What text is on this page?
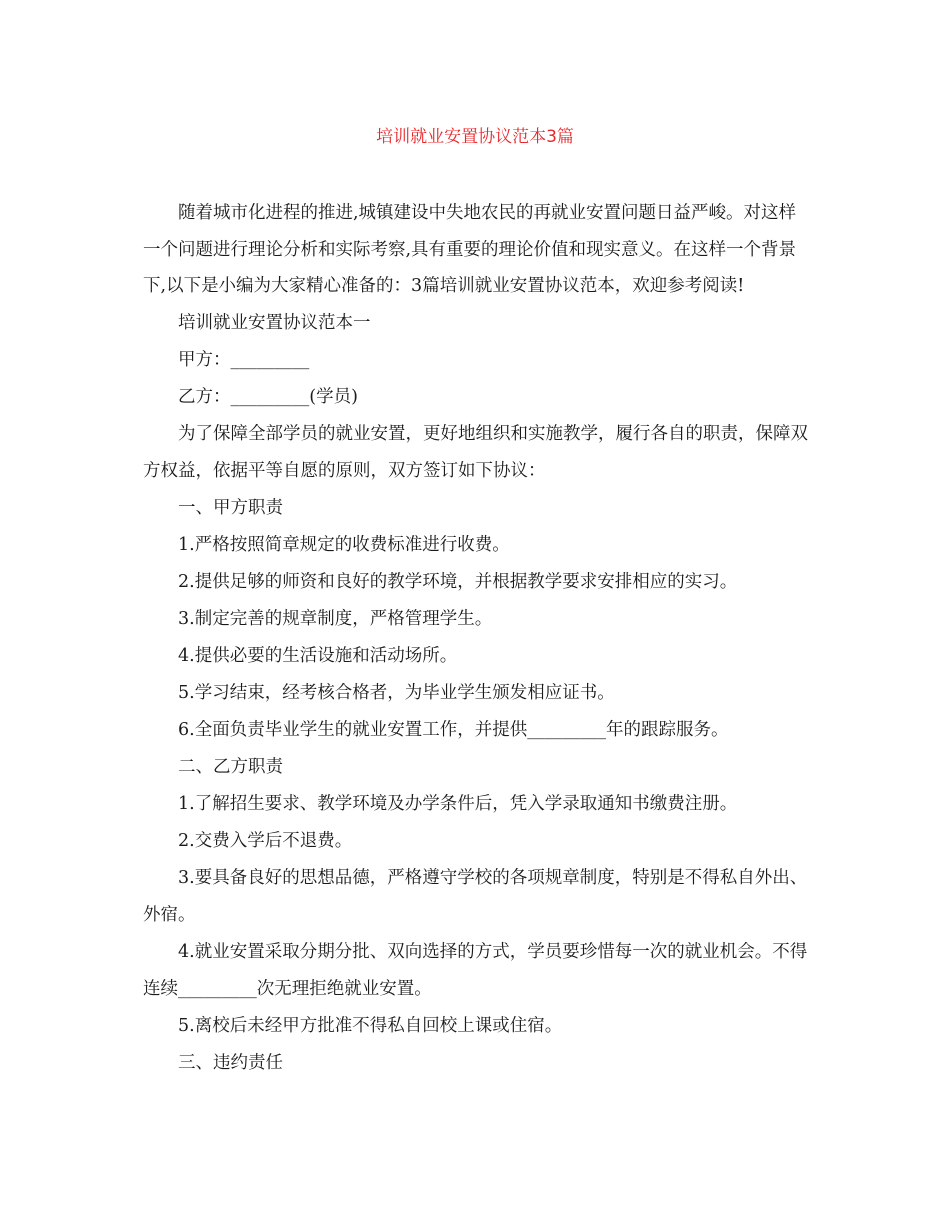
培训就业安置协议范本3篇

随着城市化进程的推进,城镇建设中失地农民的再就业安置问题日益严峻。对这样一个问题进行理论分析和实际考察,具有重要的理论价值和现实意义。在这样一个背景下,以下是小编为大家精心准备的：3篇培训就业安置协议范本，欢迎参考阅读!

培训就业安置协议范本一

甲方：_________

乙方：_________(学员)

为了保障全部学员的就业安置，更好地组织和实施教学，履行各自的职责，保障双方权益，依据平等自愿的原则，双方签订如下协议：

一、甲方职责

1.严格按照简章规定的收费标准进行收费。

2.提供足够的师资和良好的教学环境，并根据教学要求安排相应的实习。

3.制定完善的规章制度，严格管理学生。

4.提供必要的生活设施和活动场所。

5.学习结束，经考核合格者，为毕业学生颁发相应证书。

6.全面负责毕业学生的就业安置工作，并提供_________年的跟踪服务。

二、乙方职责

1.了解招生要求、教学环境及办学条件后，凭入学录取通知书缴费注册。

2.交费入学后不退费。

3.要具备良好的思想品德，严格遵守学校的各项规章制度，特别是不得私自外出、外宿。

4.就业安置采取分期分批、双向选择的方式，学员要珍惜每一次的就业机会。不得连续_________次无理拒绝就业安置。

5.离校后未经甲方批准不得私自回校上课或住宿。

三、违约责任
